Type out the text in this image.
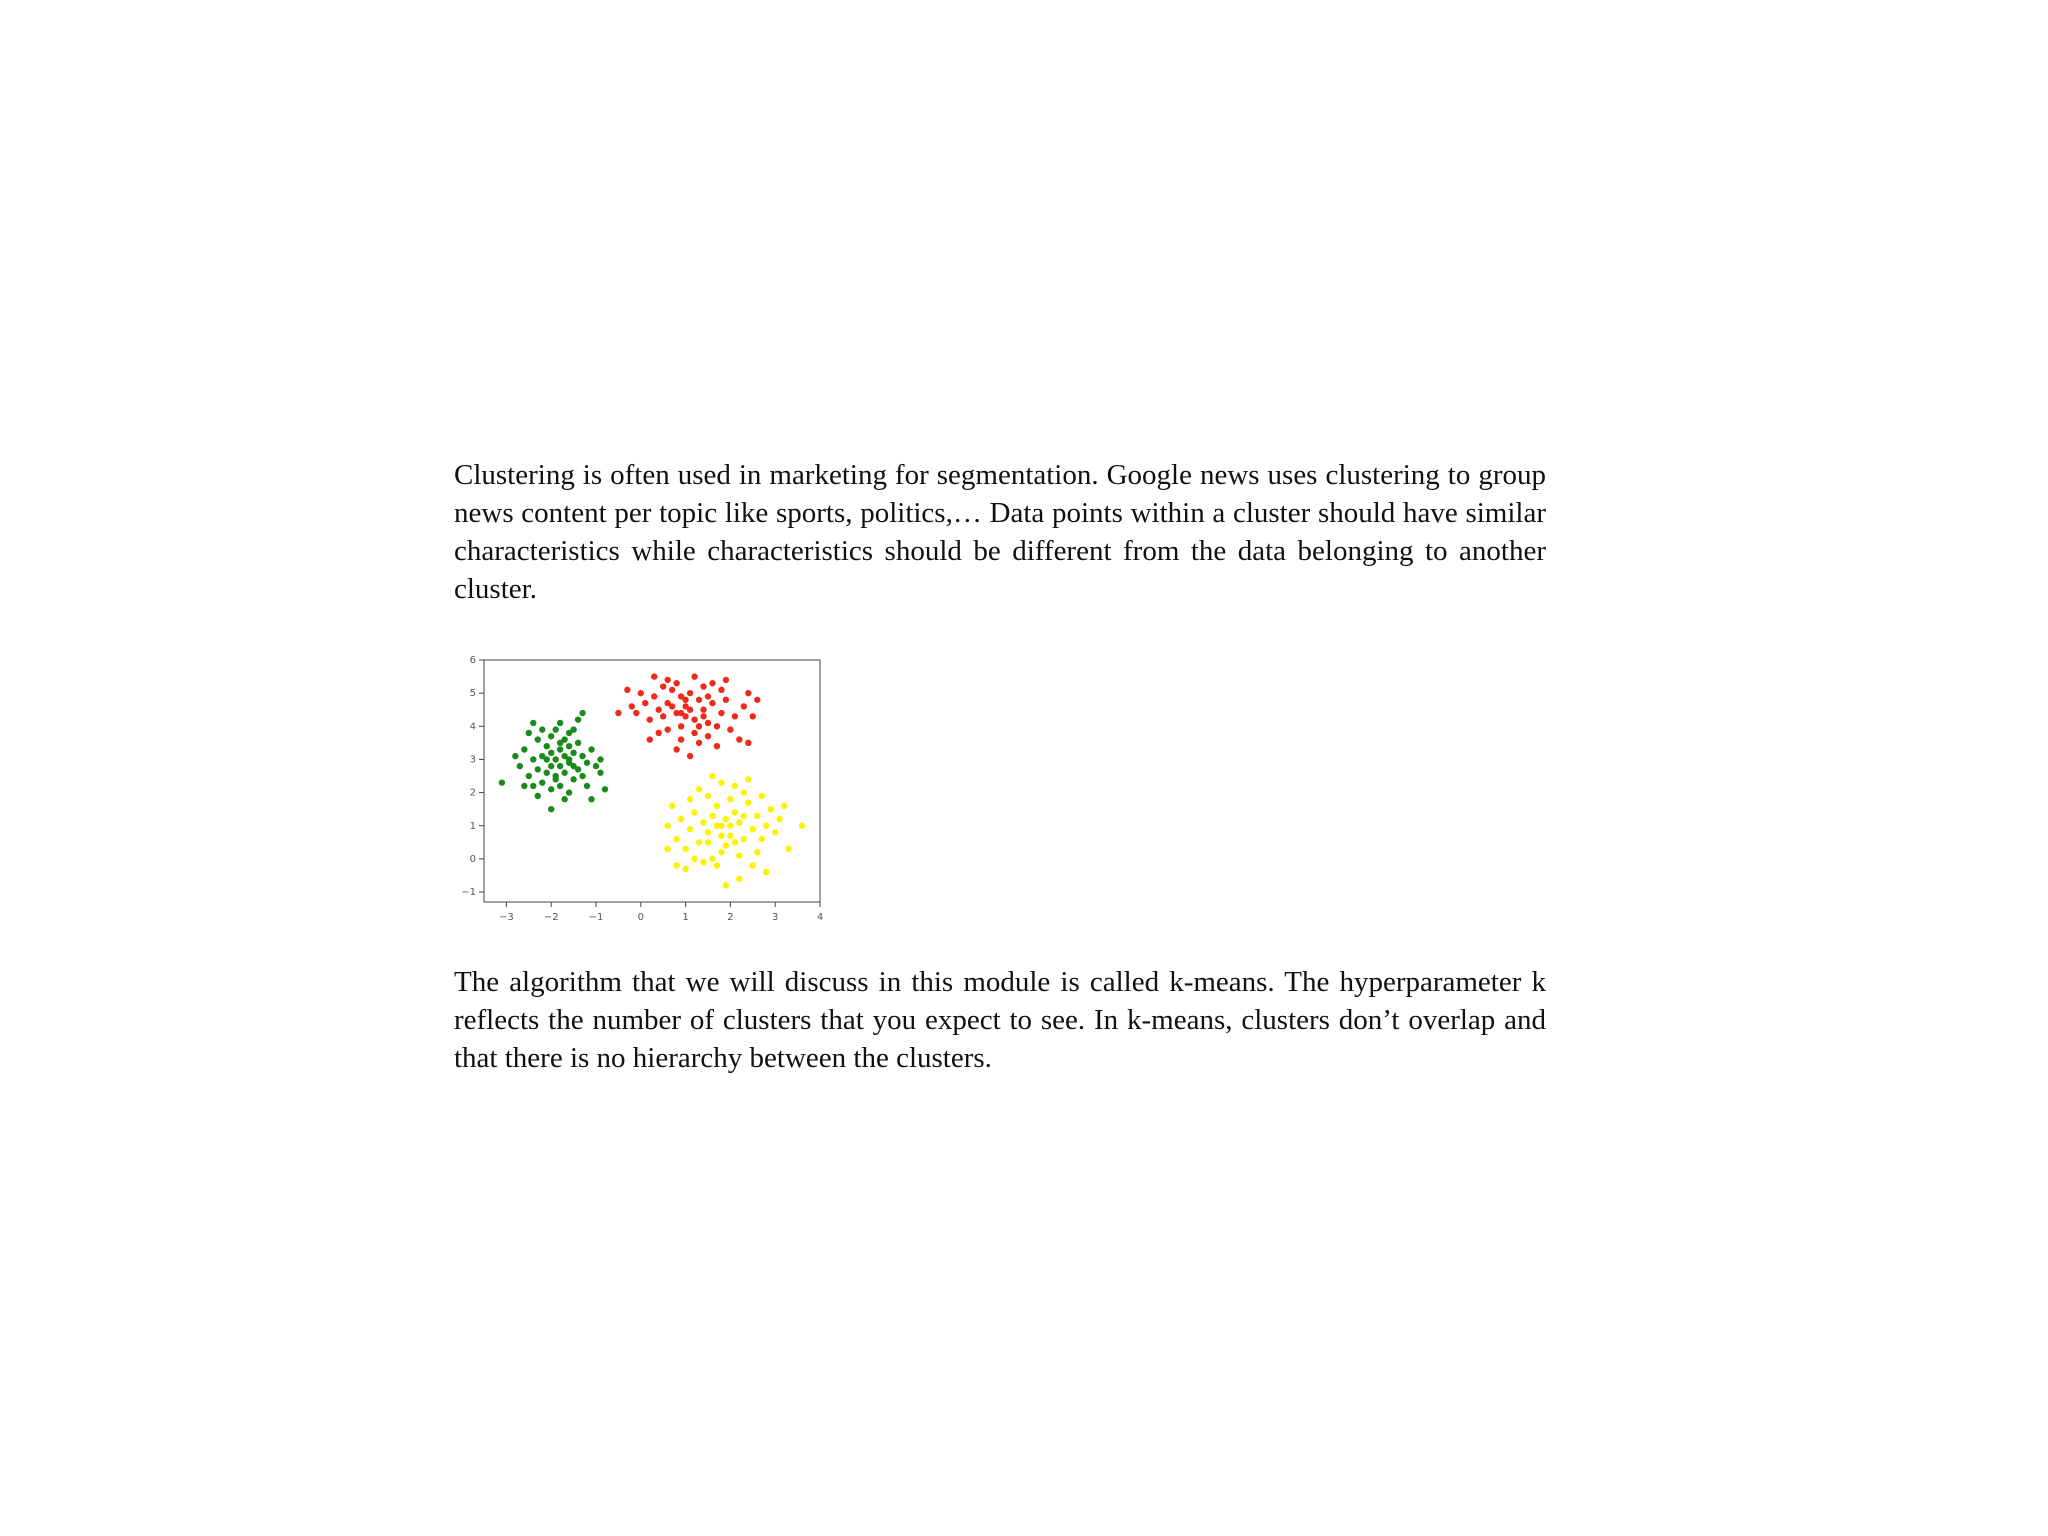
Clustering is often used in marketing for segmentation. Google news uses clustering to group news content per topic like sports, politics,… Data points within a cluster should have similar characteristics while characteristics should be different from the data belonging to another cluster.

−3	−2	−1	0	1	2	3	4
−1
0
1
2
3
4
5
6

The algorithm that we will discuss in this module is called k-means. The hyperparameter k reflects the number of clusters that you expect to see. In k-means, clusters don’t overlap and that there is no hierarchy between the clusters.
